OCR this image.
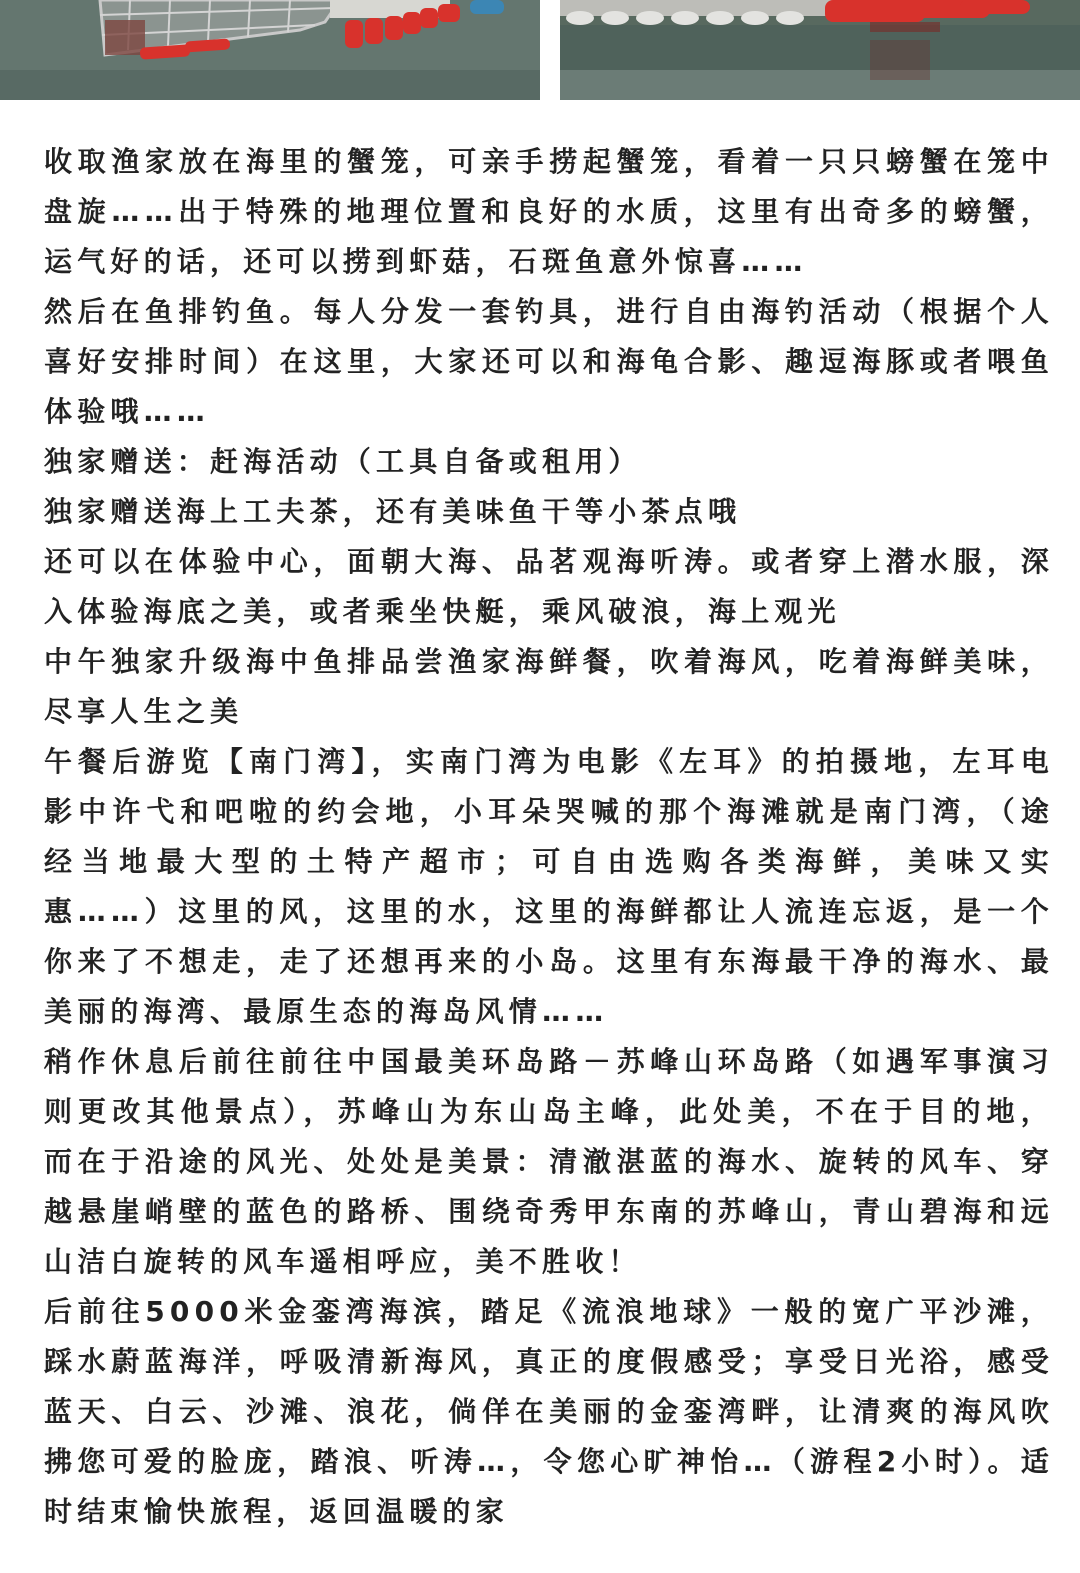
收取渔家放在海里的蟹笼，可亲手捞起蟹笼，看着一只只螃蟹在笼中盘旋……出于特殊的地理位置和良好的水质，这里有出奇多的螃蟹，运气好的话，还可以捞到虾菇，石斑鱼意外惊喜……

然后在鱼排钓鱼。每人分发一套钓具，进行自由海钓活动（根据个人喜好安排时间）在这里，大家还可以和海龟合影、趣逗海豚或者喂鱼体验哦……

独家赠送：赶海活动（工具自备或租用）

独家赠送海上工夫茶，还有美味鱼干等小茶点哦

还可以在体验中心，面朝大海、品茗观海听涛。或者穿上潜水服，深入体验海底之美，或者乘坐快艇，乘风破浪，海上观光

中午独家升级海中鱼排品尝渔家海鲜餐，吹着海风，吃着海鲜美味，尽享人生之美

午餐后游览【南门湾】，实南门湾为电影《左耳》的拍摄地，左耳电影中许弋和吧啦的约会地，小耳朵哭喊的那个海滩就是南门湾，（途经当地最大型的土特产超市；可自由选购各类海鲜，美味又实惠……）这里的风，这里的水，这里的海鲜都让人流连忘返，是一个你来了不想走，走了还想再来的小岛。这里有东海最干净的海水、最美丽的海湾、最原生态的海岛风情……

稍作休息后前往前往中国最美环岛路－苏峰山环岛路（如遇军事演习则更改其他景点），苏峰山为东山岛主峰，此处美，不在于目的地，而在于沿途的风光、处处是美景：清澈湛蓝的海水、旋转的风车、穿越悬崖峭壁的蓝色的路桥、围绕奇秀甲东南的苏峰山，青山碧海和远山洁白旋转的风车遥相呼应，美不胜收！

后前往5000米金銮湾海滨，踏足《流浪地球》一般的宽广平沙滩，踩水蔚蓝海洋，呼吸清新海风，真正的度假感受；享受日光浴，感受蓝天、白云、沙滩、浪花，倘佯在美丽的金銮湾畔，让清爽的海风吹拂您可爱的脸庞，踏浪、听涛…，令您心旷神怡…（游程2小时）。适时结束愉快旅程，返回温暖的家
